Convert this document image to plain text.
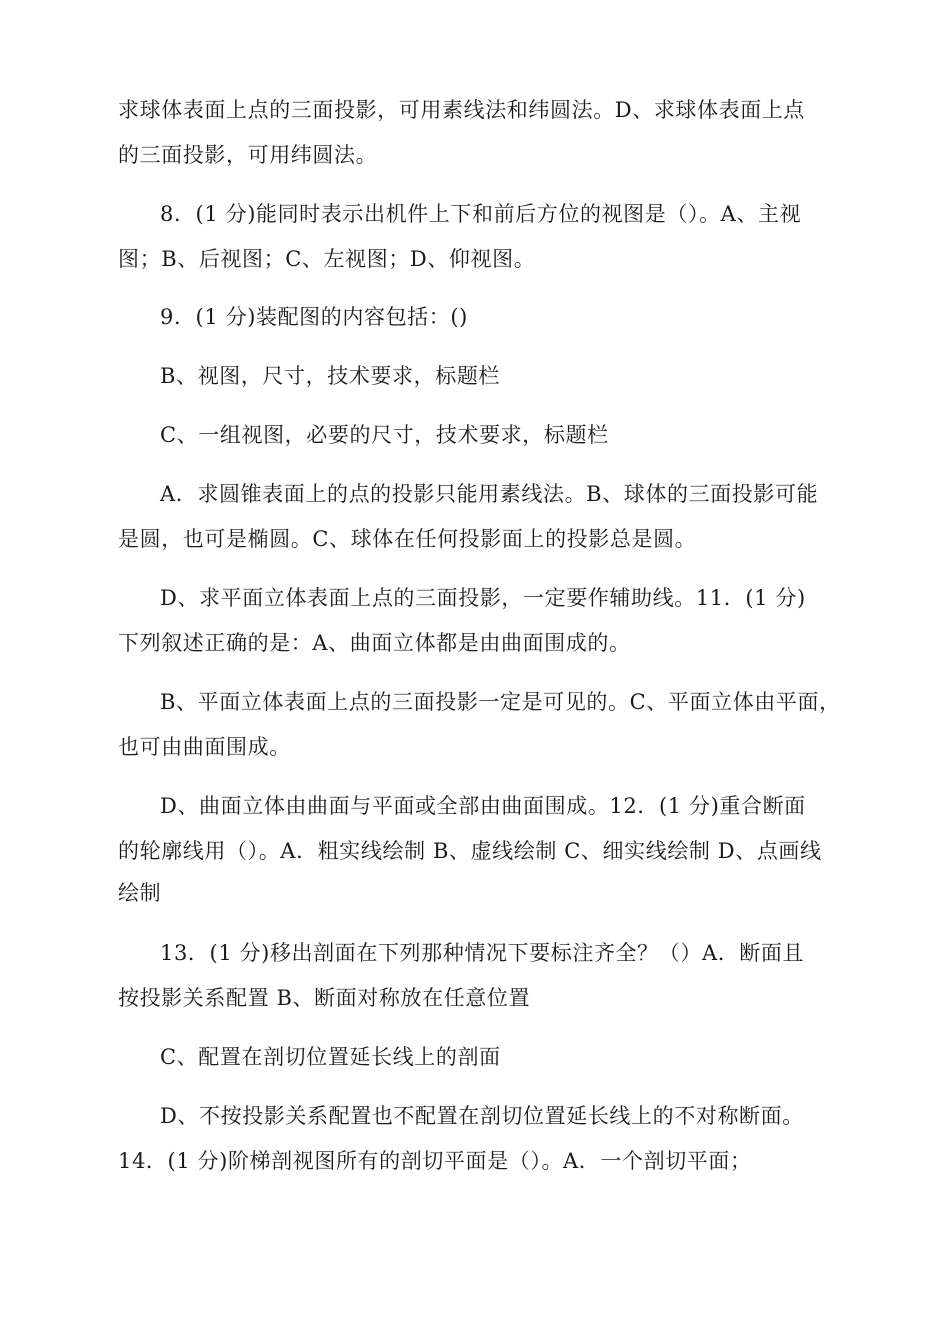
求球体表面上点的三面投影，可用素线法和纬圆法。D、求球体表面上点
的三面投影，可用纬圆法。
8．(1 分)能同时表示出机件上下和前后方位的视图是（）。A、主视
图；B、后视图；C、左视图；D、仰视图。
9．(1 分)装配图的内容包括：()
B、视图，尺寸，技术要求，标题栏
C、一组视图，必要的尺寸，技术要求，标题栏
A．求圆锥表面上的点的投影只能用素线法。B、球体的三面投影可能
是圆，也可是椭圆。C、球体在任何投影面上的投影总是圆。
D、求平面立体表面上点的三面投影，一定要作辅助线。11．(1 分)
下列叙述正确的是：A、曲面立体都是由曲面围成的。
B、平面立体表面上点的三面投影一定是可见的。C、平面立体由平面，
也可由曲面围成。
D、曲面立体由曲面与平面或全部由曲面围成。12．(1 分)重合断面
的轮廓线用（）。A．粗实线绘制 B、虚线绘制 C、细实线绘制 D、点画线
绘制
13．(1 分)移出剖面在下列那种情况下要标注齐全？（）A．断面且
按投影关系配置 B、断面对称放在任意位置
C、配置在剖切位置延长线上的剖面
D、不按投影关系配置也不配置在剖切位置延长线上的不对称断面。
14．(1 分)阶梯剖视图所有的剖切平面是（）。A．一个剖切平面；
